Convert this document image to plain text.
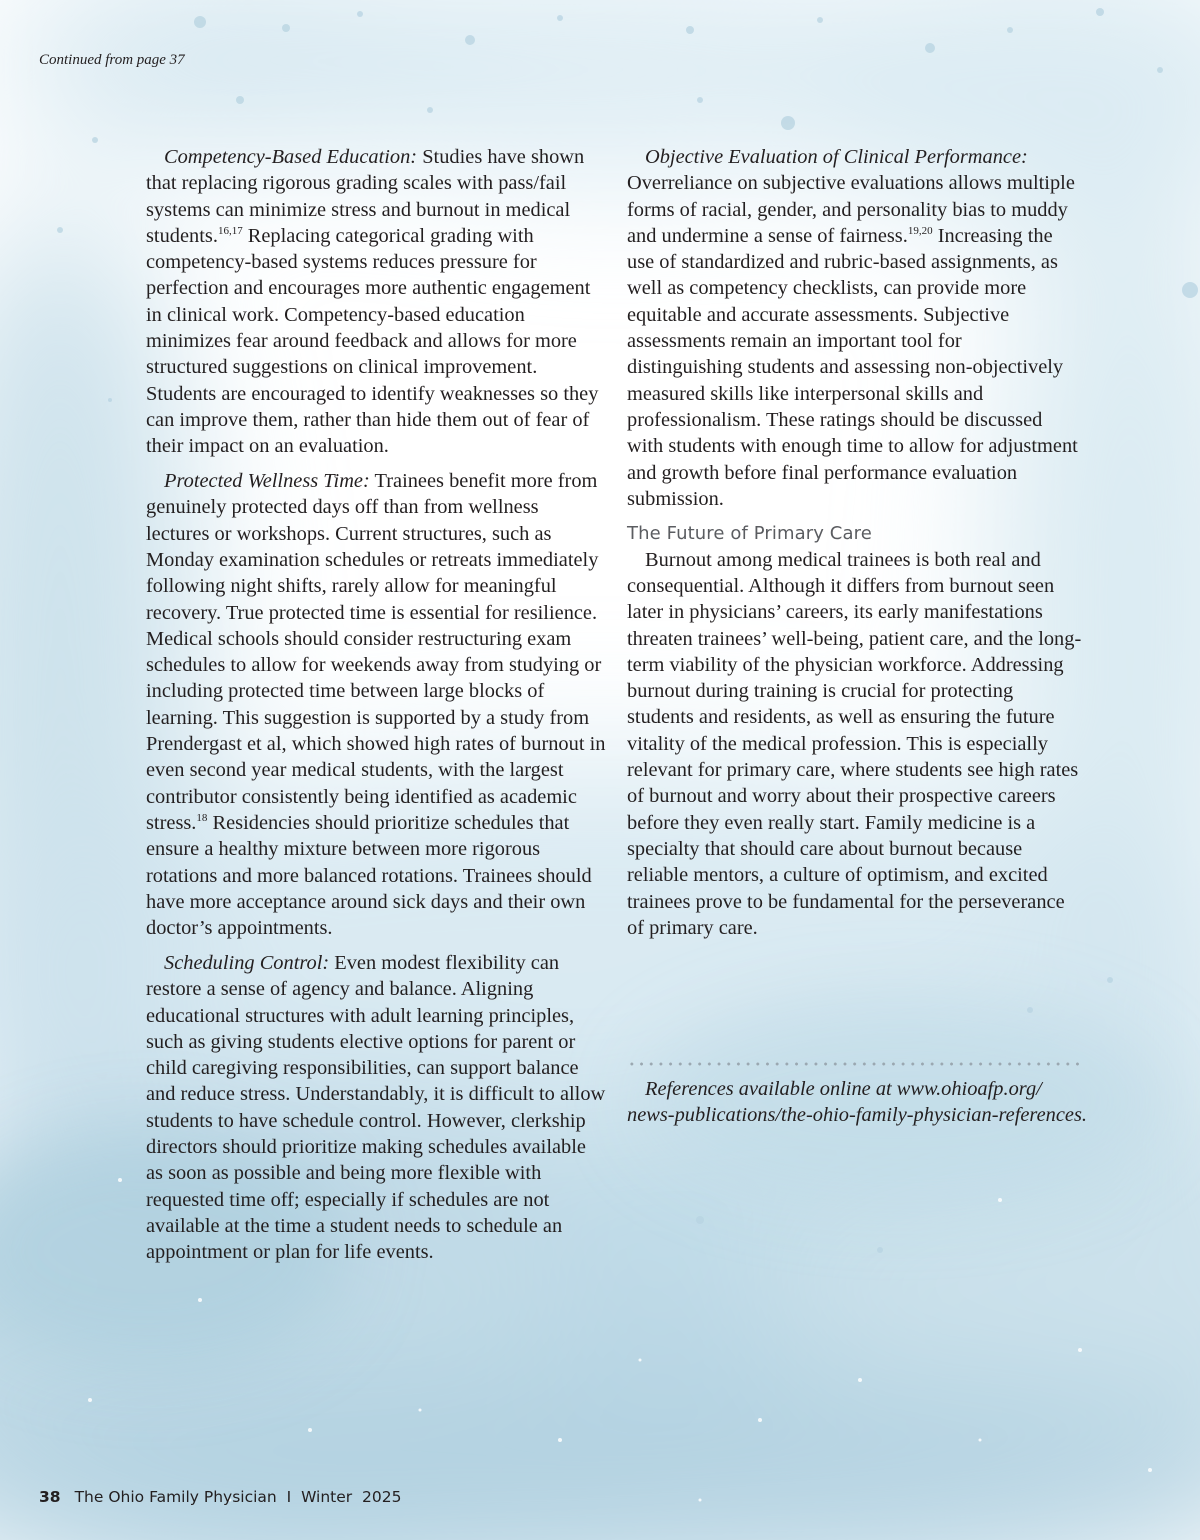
Continued from page 37

Competency-Based Education: Studies have shown that replacing rigorous grading scales with pass/fail systems can minimize stress and burnout in medical students.$^{16,17}$ Replacing categorical grading with competency-based systems reduces pressure for perfection and encourages more authentic engagement in clinical work. Competency-based education minimizes fear around feedback and allows for more structured suggestions on clinical improvement. Students are encouraged to identify weaknesses so they can improve them, rather than hide them out of fear of their impact on an evaluation.

Protected Wellness Time: Trainees benefit more from genuinely protected days off than from wellness lectures or workshops. Current structures, such as Monday examination schedules or retreats immediately following night shifts, rarely allow for meaningful recovery. True protected time is essential for resilience. Medical schools should consider restructuring exam schedules to allow for weekends away from studying or including protected time between large blocks of learning. This suggestion is supported by a study from Prendergast et al, which showed high rates of burnout in even second year medical students, with the largest contributor consistently being identified as academic stress.$^{18}$ Residencies should prioritize schedules that ensure a healthy mixture between more rigorous rotations and more balanced rotations. Trainees should have more acceptance around sick days and their own doctor’s appointments.

Scheduling Control: Even modest flexibility can restore a sense of agency and balance. Aligning educational structures with adult learning principles, such as giving students elective options for parent or child caregiving responsibilities, can support balance and reduce stress. Understandably, it is difficult to allow students to have schedule control. However, clerkship directors should prioritize making schedules available as soon as possible and being more flexible with requested time off; especially if schedules are not available at the time a student needs to schedule an appointment or plan for life events.

Objective Evaluation of Clinical Performance: Overreliance on subjective evaluations allows multiple forms of racial, gender, and personality bias to muddy and undermine a sense of fairness.$^{19,20}$ Increasing the use of standardized and rubric-based assignments, as well as competency checklists, can provide more equitable and accurate assessments. Subjective assessments remain an important tool for distinguishing students and assessing non-objectively measured skills like interpersonal skills and professionalism. These ratings should be discussed with students with enough time to allow for adjustment and growth before final performance evaluation submission.

The Future of Primary Care

Burnout among medical trainees is both real and consequential. Although it differs from burnout seen later in physicians’ careers, its early manifestations threaten trainees’ well-being, patient care, and the long-term viability of the physician workforce. Addressing burnout during training is crucial for protecting students and residents, as well as ensuring the future vitality of the medical profession. This is especially relevant for primary care, where students see high rates of burnout and worry about their prospective careers before they even really start. Family medicine is a specialty that should care about burnout because reliable mentors, a culture of optimism, and excited trainees prove to be fundamental for the perseverance of primary care.

References available online at www.ohioafp.org/ news-publications/the-ohio-family-physician-references.
38 The Ohio Family Physician I Winter  2025
